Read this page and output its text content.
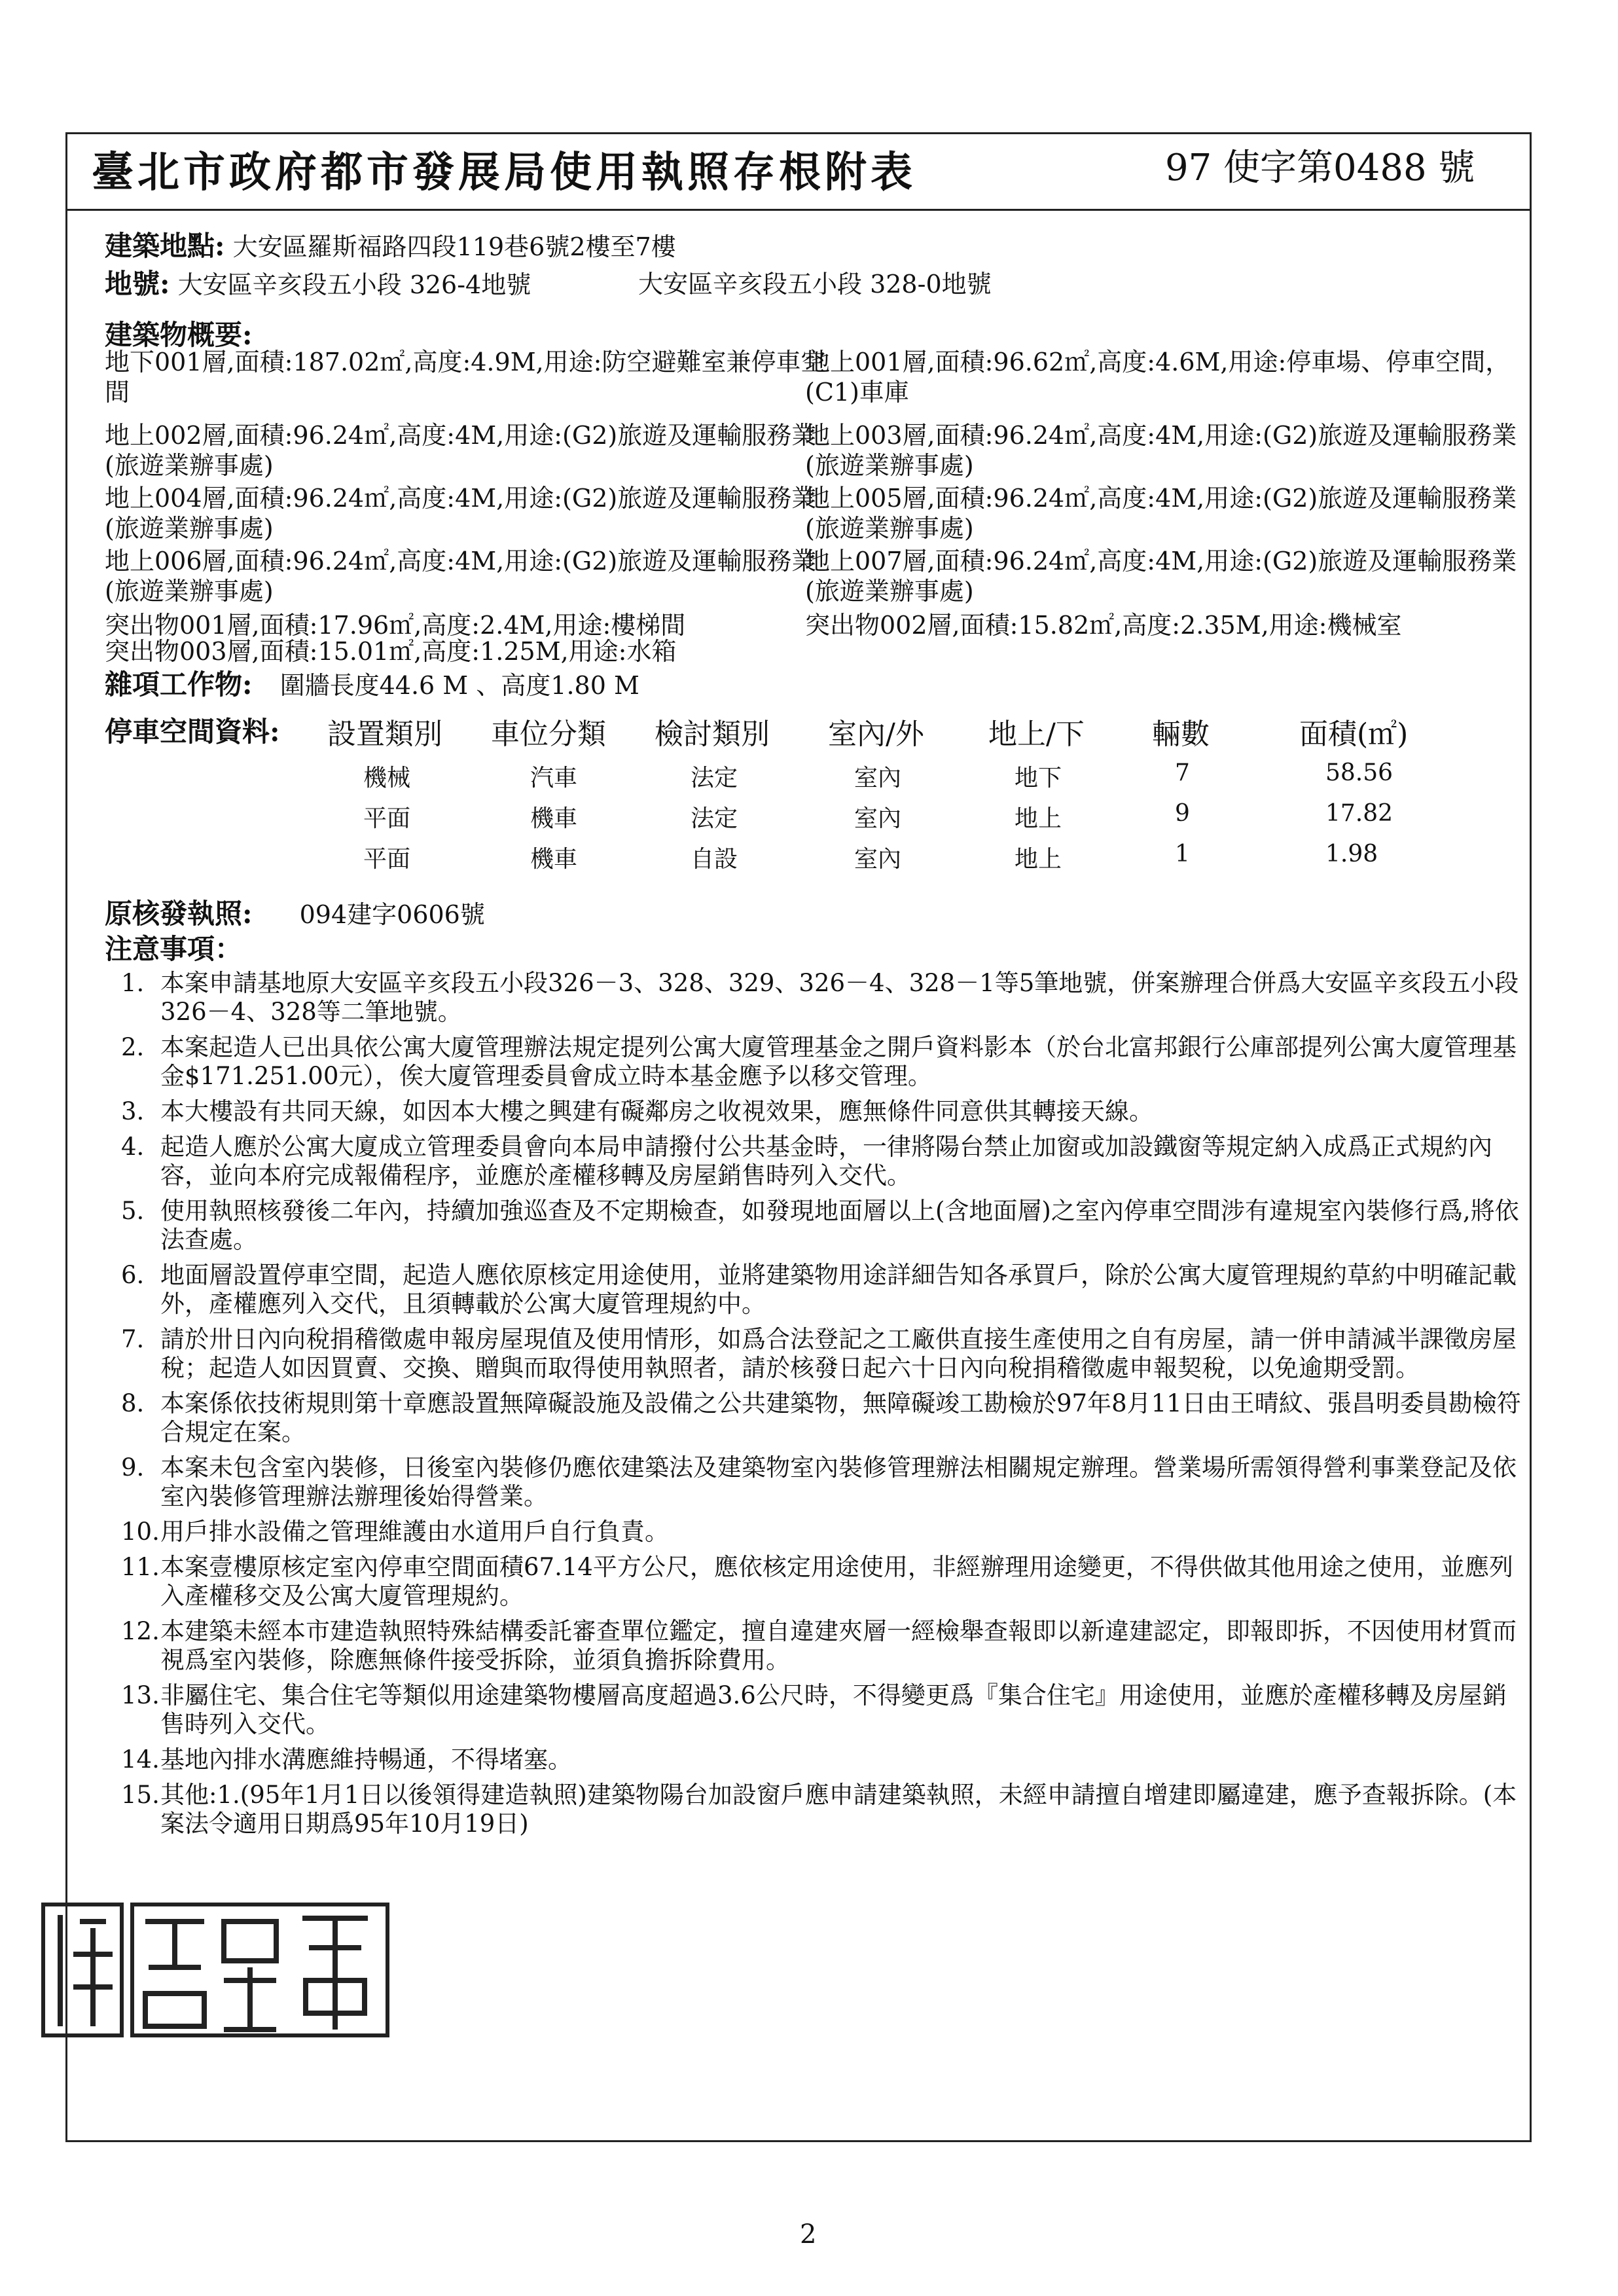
臺北市政府都市發展局使用執照存根附表	97 使字第0488 號
建築地點: 大安區羅斯福路四段119巷6號2樓至7樓
地號: 大安區辛亥段五小段 326-4地號	大安區辛亥段五小段 328-0地號
建築物概要:
地下001層,面積:187.02㎡,高度:4.9M,用途:防空避難室兼停車空間
地上002層,面積:96.24㎡,高度:4M,用途:(G2)旅遊及運輸服務業(旅遊業辦事處)
地上004層,面積:96.24㎡,高度:4M,用途:(G2)旅遊及運輸服務業(旅遊業辦事處)
地上006層,面積:96.24㎡,高度:4M,用途:(G2)旅遊及運輸服務業(旅遊業辦事處)
突出物001層,面積:17.96㎡,高度:2.4M,用途:樓梯間
突出物003層,面積:15.01㎡,高度:1.25M,用途:水箱
地上001層,面積:96.62㎡,高度:4.6M,用途:停車場、停車空間，(C1)車庫
地上003層,面積:96.24㎡,高度:4M,用途:(G2)旅遊及運輸服務業(旅遊業辦事處)
地上005層,面積:96.24㎡,高度:4M,用途:(G2)旅遊及運輸服務業(旅遊業辦事處)
地上007層,面積:96.24㎡,高度:4M,用途:(G2)旅遊及運輸服務業(旅遊業辦事處)
突出物002層,面積:15.82㎡,高度:2.35M,用途:機械室
雜項工作物: 圍牆長度44.6 M 、高度1.80 M
停車空間資料: 設置類別 車位分類 檢討類別 室內/外 地上/下 輛數	面積(㎡)
機械	汽車	法定	室內	地下	7	58.56
平面	機車	法定	室內	地上	9	17.82
平面	機車	自設	室內	地上	1	1.98
原核發執照: 094建字0606號
注意事項：
1. 本案申請基地原大安區辛亥段五小段326－3、328、329、326－4、328－1等5筆地號，併案辦理合併爲大安區辛亥段五小段326－4、328等二筆地號。
2. 本案起造人已出具依公寓大廈管理辦法規定提列公寓大廈管理基金之開戶資料影本（於台北富邦銀行公庫部提列公寓大廈管理基金$171.251.00元），俟大廈管理委員會成立時本基金應予以移交管理。
3. 本大樓設有共同天線，如因本大樓之興建有礙鄰房之收視效果，應無條件同意供其轉接天線。
4. 起造人應於公寓大廈成立管理委員會向本局申請撥付公共基金時，一律將陽台禁止加窗或加設鐵窗等規定納入成爲正式規約內容，並向本府完成報備程序，並應於產權移轉及房屋銷售時列入交代。
5. 使用執照核發後二年內，持續加強巡查及不定期檢查，如發現地面層以上(含地面層)之室內停車空間涉有違規室內裝修行爲,將依法查處。
6. 地面層設置停車空間，起造人應依原核定用途使用，並將建築物用途詳細告知各承買戶，除於公寓大廈管理規約草約中明確記載外，產權應列入交代，且須轉載於公寓大廈管理規約中。
7. 請於卅日內向稅捐稽徵處申報房屋現值及使用情形，如爲合法登記之工廠供直接生產使用之自有房屋，請一併申請減半課徵房屋稅；起造人如因買賣、交換、贈與而取得使用執照者，請於核發日起六十日內向稅捐稽徵處申報契稅，以免逾期受罰。
8. 本案係依技術規則第十章應設置無障礙設施及設備之公共建築物，無障礙竣工勘檢於97年8月11日由王晴紋、張昌明委員勘檢符合規定在案。
9. 本案未包含室內裝修，日後室內裝修仍應依建築法及建築物室內裝修管理辦法相關規定辦理。營業場所需領得營利事業登記及依室內裝修管理辦法辦理後始得營業。
10. 用戶排水設備之管理維護由水道用戶自行負責。
11. 本案壹樓原核定室內停車空間面積67.14平方公尺，應依核定用途使用，非經辦理用途變更，不得供做其他用途之使用，並應列入產權移交及公寓大廈管理規約。
12. 本建築未經本市建造執照特殊結構委託審查單位鑑定，擅自違建夾層一經檢舉查報即以新違建認定，即報即拆，不因使用材質而視爲室內裝修，除應無條件接受拆除，並須負擔拆除費用。
13. 非屬住宅、集合住宅等類似用途建築物樓層高度超過3.6公尺時，不得變更爲『集合住宅』用途使用，並應於產權移轉及房屋銷售時列入交代。
14. 基地內排水溝應維持暢通，不得堵塞。
15. 其他:1.(95年1月1日以後領得建造執照)建築物陽台加設窗戶應申請建築執照，未經申請擅自增建即屬違建，應予查報拆除。(本案法令適用日期爲95年10月19日)
2
